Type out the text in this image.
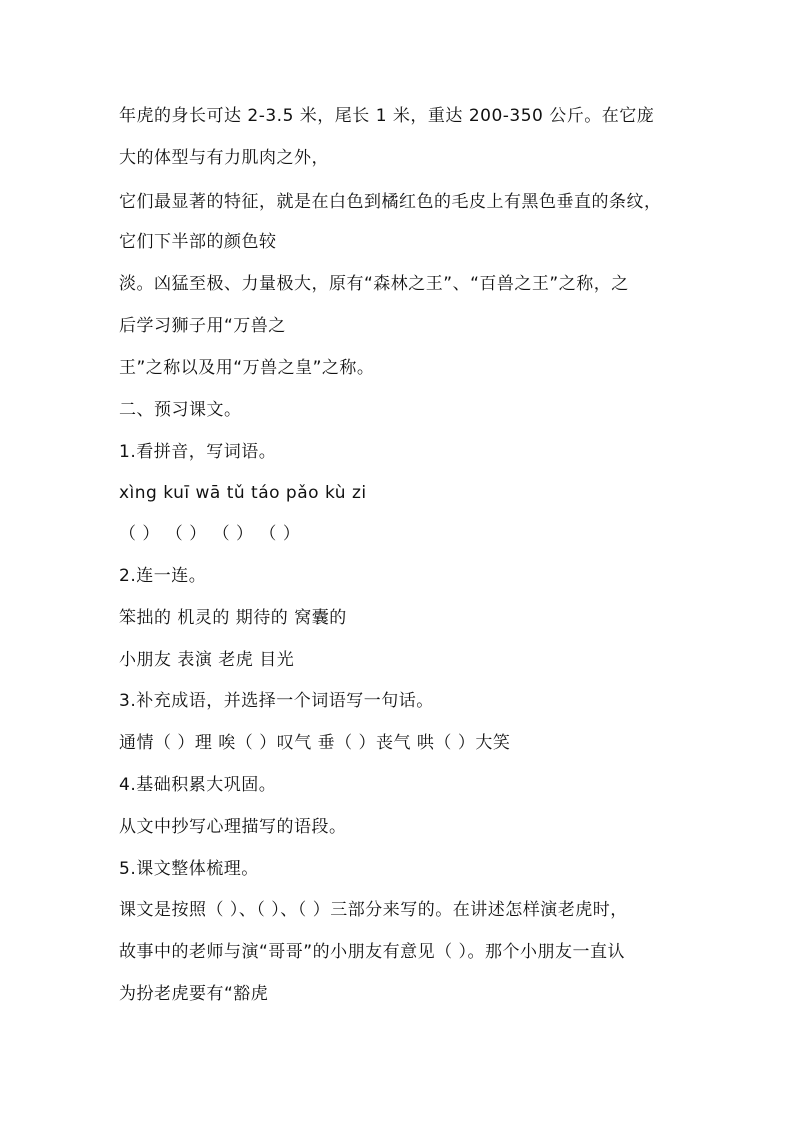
年虎的身长可达 2-3.5 米，尾长 1 米，重达 200-350 公斤。在它庞
大的体型与有力肌肉之外，
它们最显著的特征，就是在白色到橘红色的毛皮上有黑色垂直的条纹，
它们下半部的颜色较
淡。凶猛至极、力量极大，原有“森林之王”、“百兽之王”之称，之
后学习狮子用“万兽之
王”之称以及用“万兽之皇”之称。
二、预习课文。
1.看拼音，写词语。
xìng kuī wā tǔ táo pǎo kù zi
（ ） （ ） （ ） （ ）
2.连一连。
笨拙的 机灵的 期待的 窝囊的
小朋友 表演 老虎 目光
3.补充成语，并选择一个词语写一句话。
通情（ ）理 唉（ ）叹气 垂（ ）丧气 哄（ ）大笑
4.基础积累大巩固。
从文中抄写心理描写的语段。
5.课文整体梳理。
课文是按照（ ）、（ ）、（ ）三部分来写的。在讲述怎样演老虎时，
故事中的老师与演“哥哥”的小朋友有意见（ ）。那个小朋友一直认
为扮老虎要有“豁虎
